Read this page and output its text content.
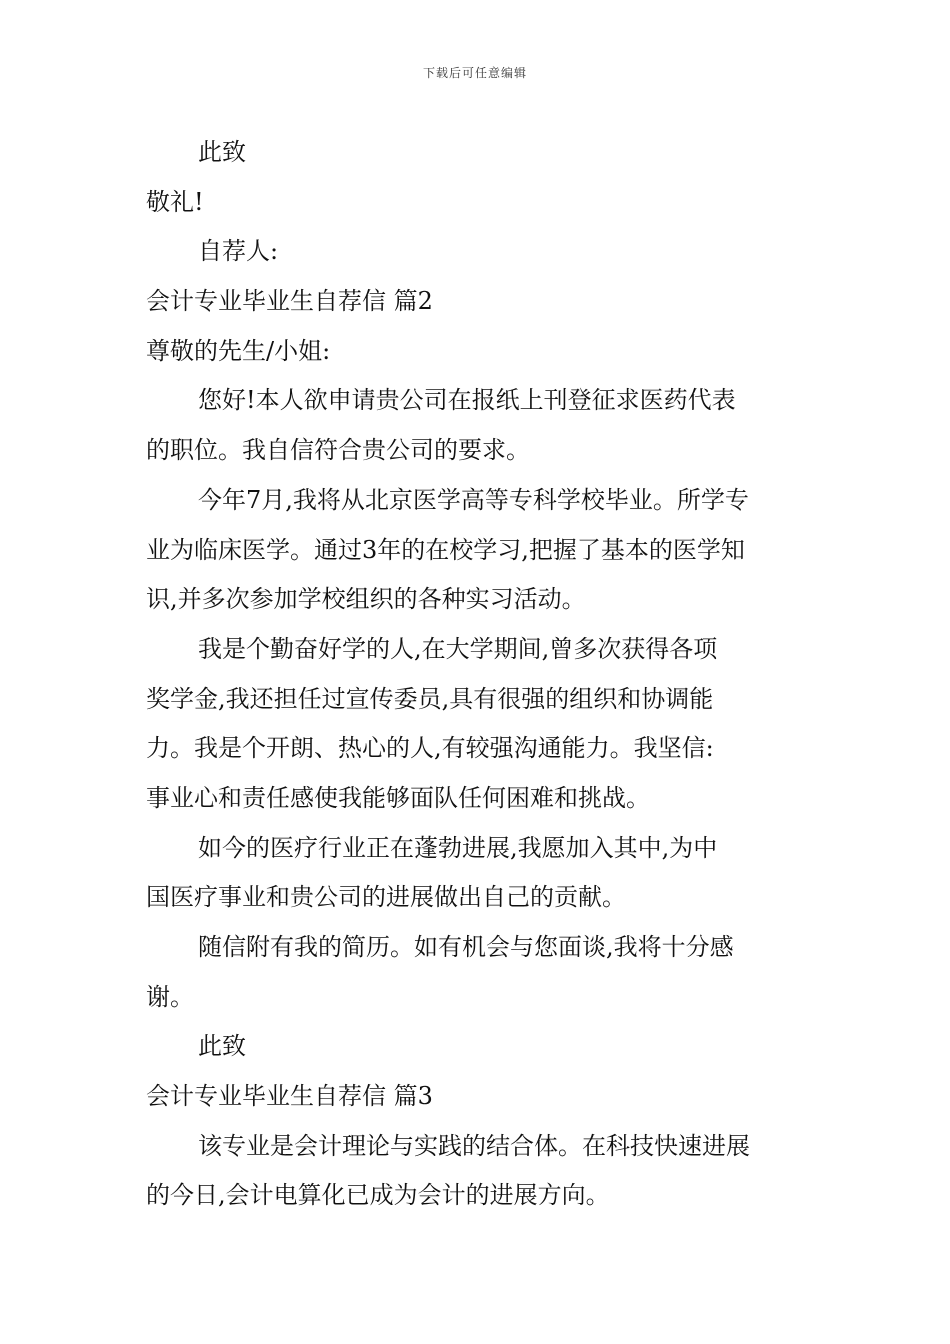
下载后可任意编辑
此致
敬礼!
自荐人:
会计专业毕业生自荐信 篇2
尊敬的先生/小姐:
您好!本人欲申请贵公司在报纸上刊登征求医药代表
的职位。我自信符合贵公司的要求。
今年7月,我将从北京医学高等专科学校毕业。所学专
业为临床医学。通过3年的在校学习,把握了基本的医学知
识,并多次参加学校组织的各种实习活动。
我是个勤奋好学的人,在大学期间,曾多次获得各项
奖学金,我还担任过宣传委员,具有很强的组织和协调能
力。我是个开朗、热心的人,有较强沟通能力。我坚信:
事业心和责任感使我能够面队任何困难和挑战。
如今的医疗行业正在蓬勃进展,我愿加入其中,为中
国医疗事业和贵公司的进展做出自己的贡献。
随信附有我的简历。如有机会与您面谈,我将十分感
谢。
此致
会计专业毕业生自荐信 篇3
该专业是会计理论与实践的结合体。在科技快速进展
的今日,会计电算化已成为会计的进展方向。
